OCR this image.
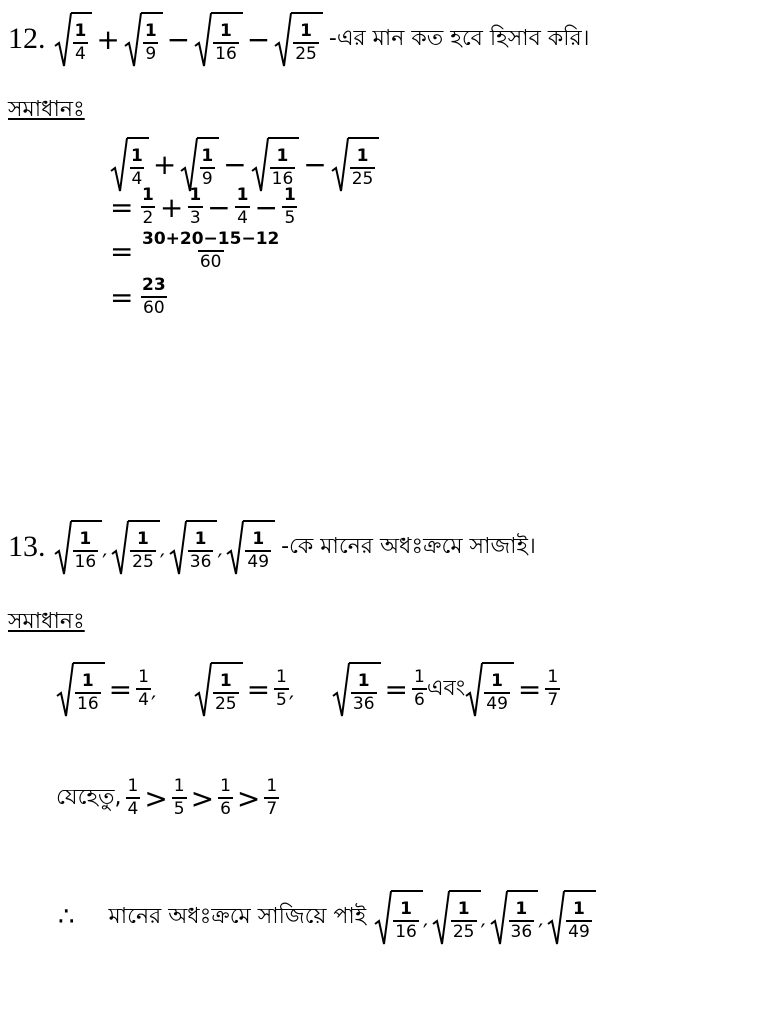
12. $\frac{1}{4} + \frac{1}{9} - \frac{1}{16} - \frac{1}{25}$ -এর মান কত হবে হিসাব করি।
সমাধানঃ
$\frac{1}{4} + \frac{1}{9} - \frac{1}{16} - \frac{1}{25}$
= $\frac{1}{2} + \frac{1}{3} - \frac{1}{4} - \frac{1}{5}$
= $\frac{30+20-15-12}{60}$
= $\frac{23}{60}$
13. $\frac{1}{16}$ ′ $\frac{1}{25}$ ′ $\frac{1}{36}$ ′ $\frac{1}{49}$ -কে মানের অধঃক্রমে সাজাই।
সমাধানঃ
$\frac{1}{16} = \frac{1}{4}$ ′	$\frac{1}{25} = \frac{1}{5}$ ′	$\frac{1}{36} = \frac{1}{6}$ এবং $\frac{1}{49} = \frac{1}{7}$
যেহেতু, $\frac{1}{4} > \frac{1}{5} > \frac{1}{6} > \frac{1}{7}$
∴ মানের অধঃক্রমে সাজিয়ে পাই $\frac{1}{16}$ ′ $\frac{1}{25}$ ′ $\frac{1}{36}$ ′ $\frac{1}{49}$
